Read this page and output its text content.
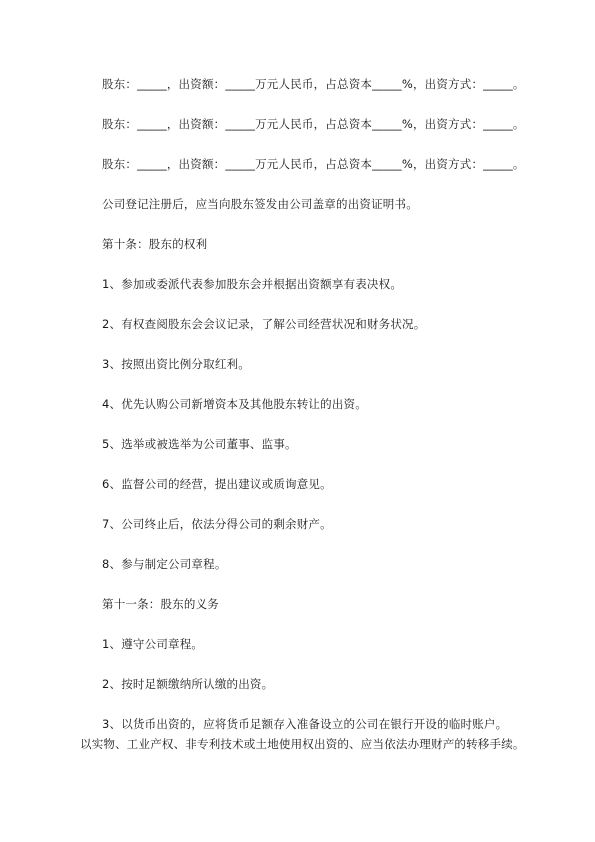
股东：_____，出资额：_____万元人民币，占总资本_____%，出资方式：_____。
股东：_____，出资额：_____万元人民币，占总资本_____%，出资方式：_____。
股东：_____，出资额：_____万元人民币，占总资本_____%，出资方式：_____。
公司登记注册后，应当向股东签发由公司盖章的出资证明书。
第十条：股东的权利
1、参加或委派代表参加股东会并根据出资额享有表决权。
2、有权查阅股东会会议记录，了解公司经营状况和财务状况。
3、按照出资比例分取红利。
4、优先认购公司新增资本及其他股东转让的出资。
5、选举或被选举为公司董事、监事。
6、监督公司的经营，提出建议或质询意见。
7、公司终止后，依法分得公司的剩余财产。
8、参与制定公司章程。
第十一条：股东的义务
1、遵守公司章程。
2、按时足额缴纳所认缴的出资。
3、以货币出资的，应将货币足额存入准备设立的公司在银行开设的临时账户。
以实物、工业产权、非专利技术或土地使用权出资的、应当依法办理财产的转移手续。
